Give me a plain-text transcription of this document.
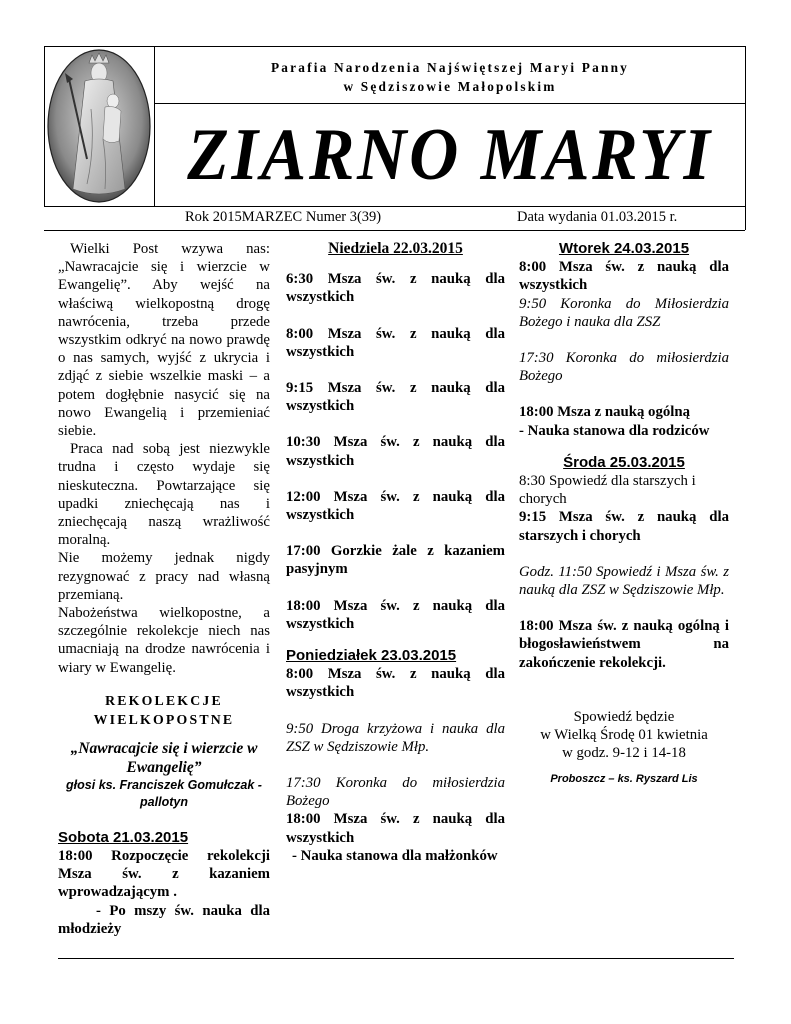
Parafia Narodzenia Najświętszej Maryi Panny
w Sędziszowie Małopolskim
ZIARNO MARYI
Rok 2015MARZEC Numer 3(39)	Data wydania 01.03.2015 r.

Wielki Post wzywa nas: „Nawracajcie się i wierzcie w Ewangelię”. Aby wejść na właściwą wielkopostną drogę nawrócenia, trzeba przede wszystkim odkryć na nowo prawdę o nas samych, wyjść z ukrycia i zdjąć z siebie wszelkie maski – a potem dogłębnie nasycić się na nowo Ewangelią i przemieniać siebie.

Praca nad sobą jest niezwykle trudna i często wydaje się nieskuteczna. Powtarzające się upadki zniechęcają nas i zniechęcają naszą wrażliwość moralną.

Nie możemy jednak nigdy rezygnować z pracy nad własną przemianą.

Nabożeństwa wielkopostne, a szczególnie rekolekcje niech nas umacniają na drodze nawrócenia i wiary w Ewangelię.

REKOLEKCJE
WIELKOPOSTNE
„Nawracajcie się i wierzcie w Ewangelię”
głosi ks. Franciszek Gomułczak - pallotyn
Sobota 21.03.2015

18:00 Rozpoczęcie rekolekcji Msza św. z kazaniem wprowadzającym .

- Po mszy św. nauka dla młodzieży

Niedziela 22.03.2015

6:30 Msza św. z nauką dla wszystkich

8:00 Msza św. z nauką dla wszystkich

9:15 Msza św. z nauką dla wszystkich

10:30 Msza św. z nauką dla wszystkich

12:00 Msza św. z nauką dla wszystkich

17:00 Gorzkie żale z kazaniem pasyjnym

18:00 Msza św. z nauką dla wszystkich

Poniedziałek 23.03.2015

8:00 Msza św. z nauką dla wszystkich

9:50 Droga krzyżowa i nauka dla ZSZ w Sędziszowie Młp.

17:30 Koronka do miłosierdzia Bożego

18:00 Msza św. z nauką dla wszystkich

- Nauka stanowa dla małżonków

Wtorek 24.03.2015

8:00 Msza św. z nauką dla wszystkich

9:50 Koronka do Miłosierdzia Bożego i nauka dla ZSZ

17:30 Koronka do miłosierdzia Bożego

18:00 Msza z nauką ogólną

- Nauka stanowa dla rodziców

Środa 25.03.2015

8:30 Spowiedź dla starszych i chorych

9:15 Msza św. z nauką dla starszych i chorych

Godz. 11:50 Spowiedź i Msza św. z nauką dla ZSZ w Sędziszowie Młp.

18:00 Msza św. z nauką ogólną i błogosławieństwem na zakończenie rekolekcji.

Spowiedź będzie
w Wielką Środę 01 kwietnia
w godz. 9-12 i 14-18
Proboszcz – ks. Ryszard Lis
